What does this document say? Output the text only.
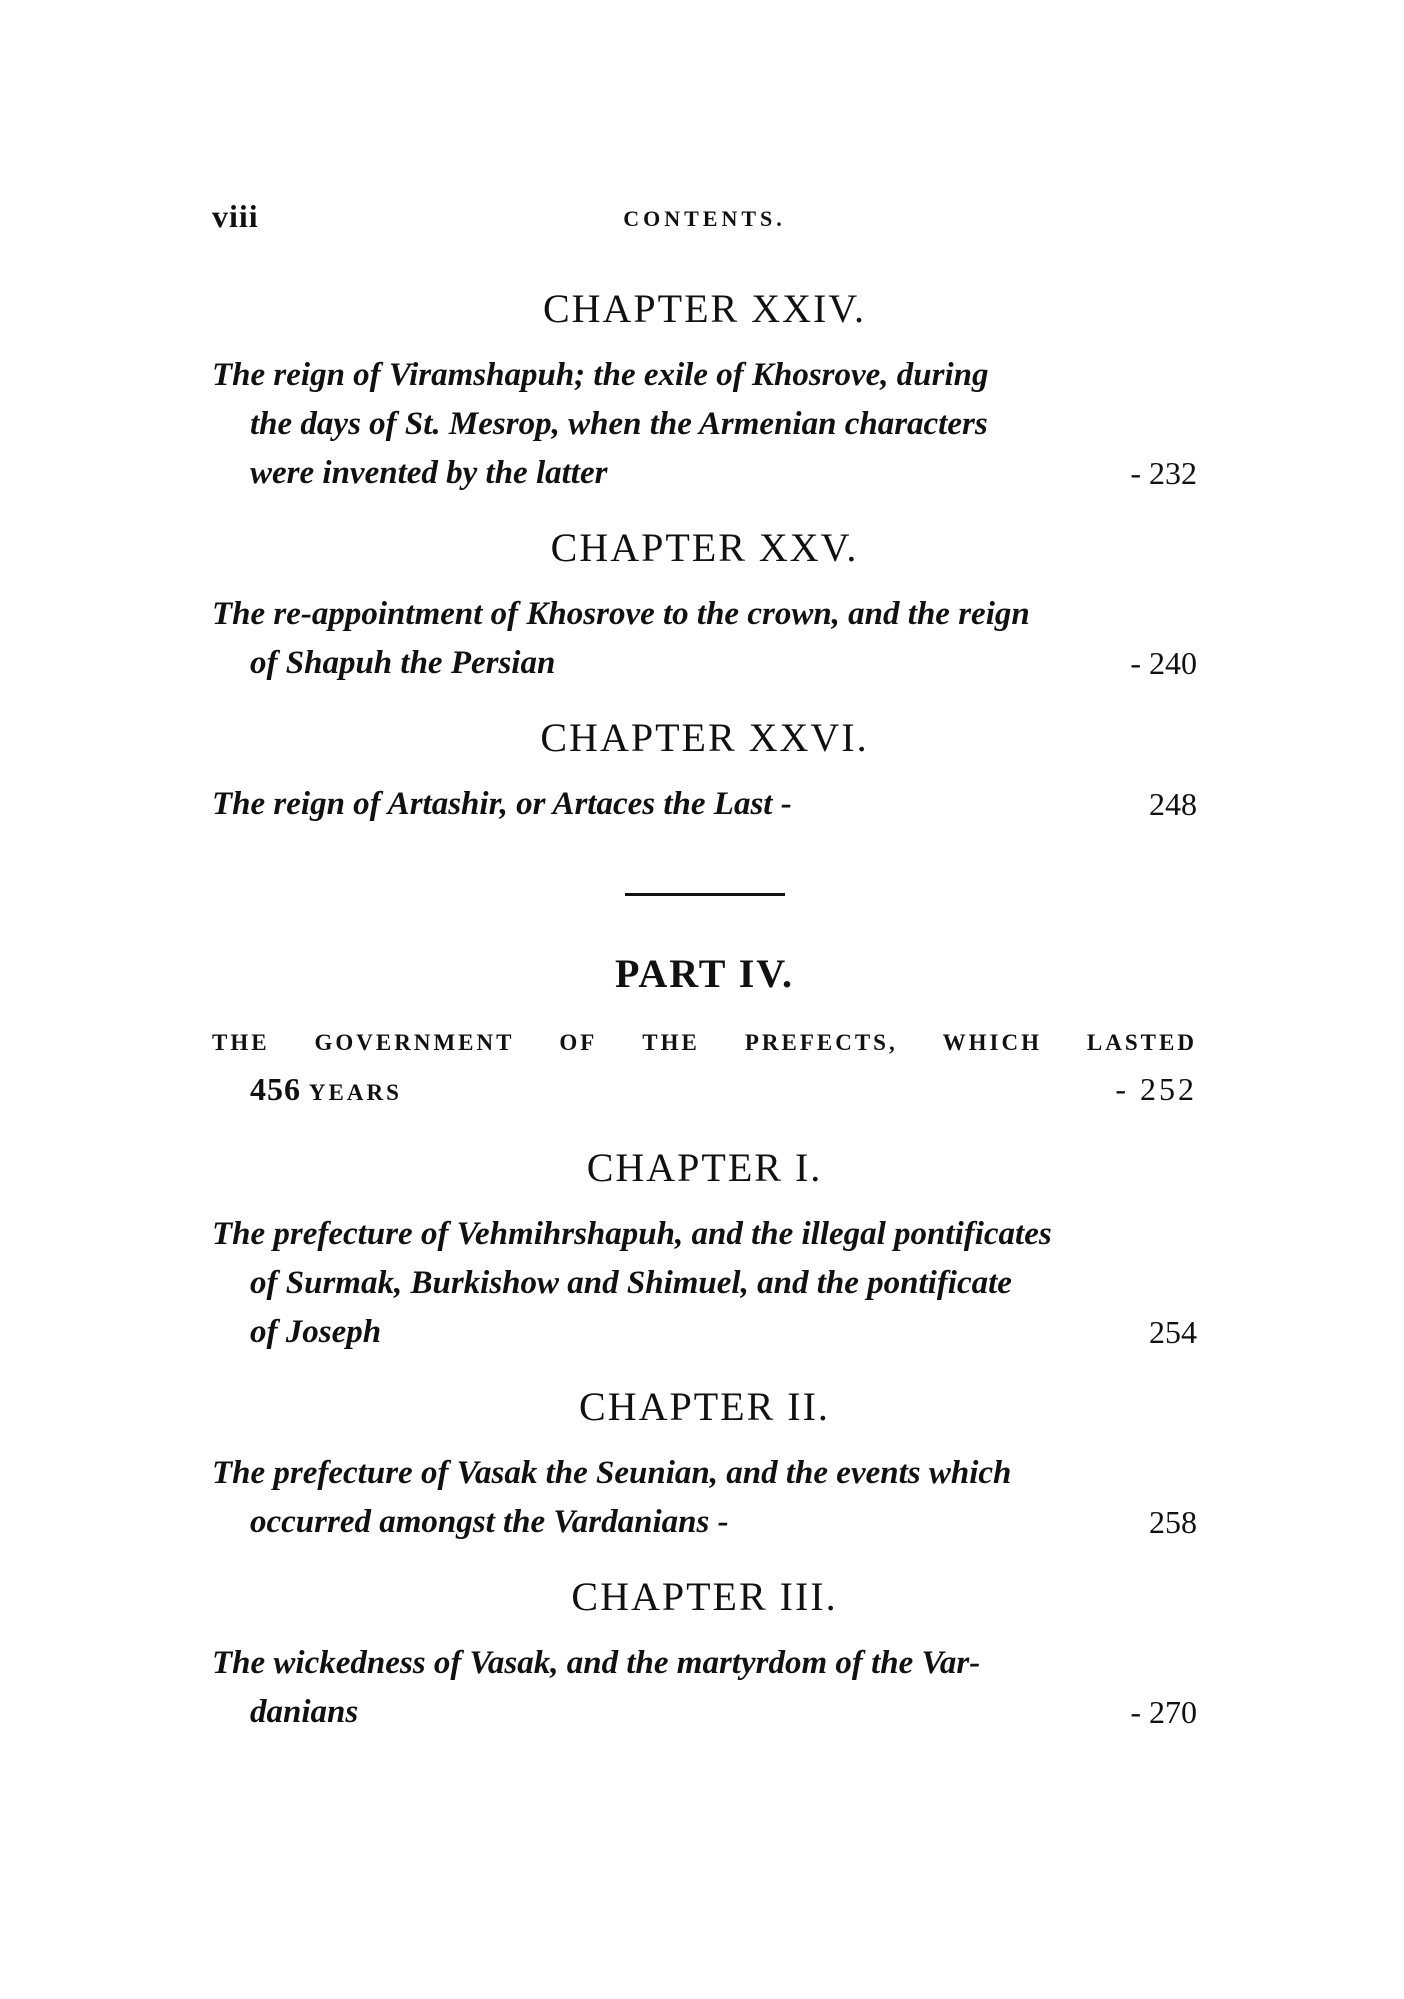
viii	CONTENTS.
CHAPTER XXIV.
The reign of Viramshapuh; the exile of Khosrove, during
the days of St. Mesrop, when the Armenian characters
were invented by the latter	- 232
CHAPTER XXV.
The re-appointment of Khosrove to the crown, and the reign
of Shapuh the Persian	- 240
CHAPTER XXVI.
The reign of Artashir, or Artaces the Last -	248
PART IV.
THE GOVERNMENT OF THE PREFECTS, WHICH LASTED
456 YEARS	- 252
CHAPTER I.
The prefecture of Vehmihrshapuh, and the illegal pontificates
of Surmak, Burkishow and Shimuel, and the pontificate
of Joseph	254
CHAPTER II.
The prefecture of Vasak the Seunian, and the events which
occurred amongst the Vardanians -	258
CHAPTER III.
The wickedness of Vasak, and the martyrdom of the Var-
danians	- 270
